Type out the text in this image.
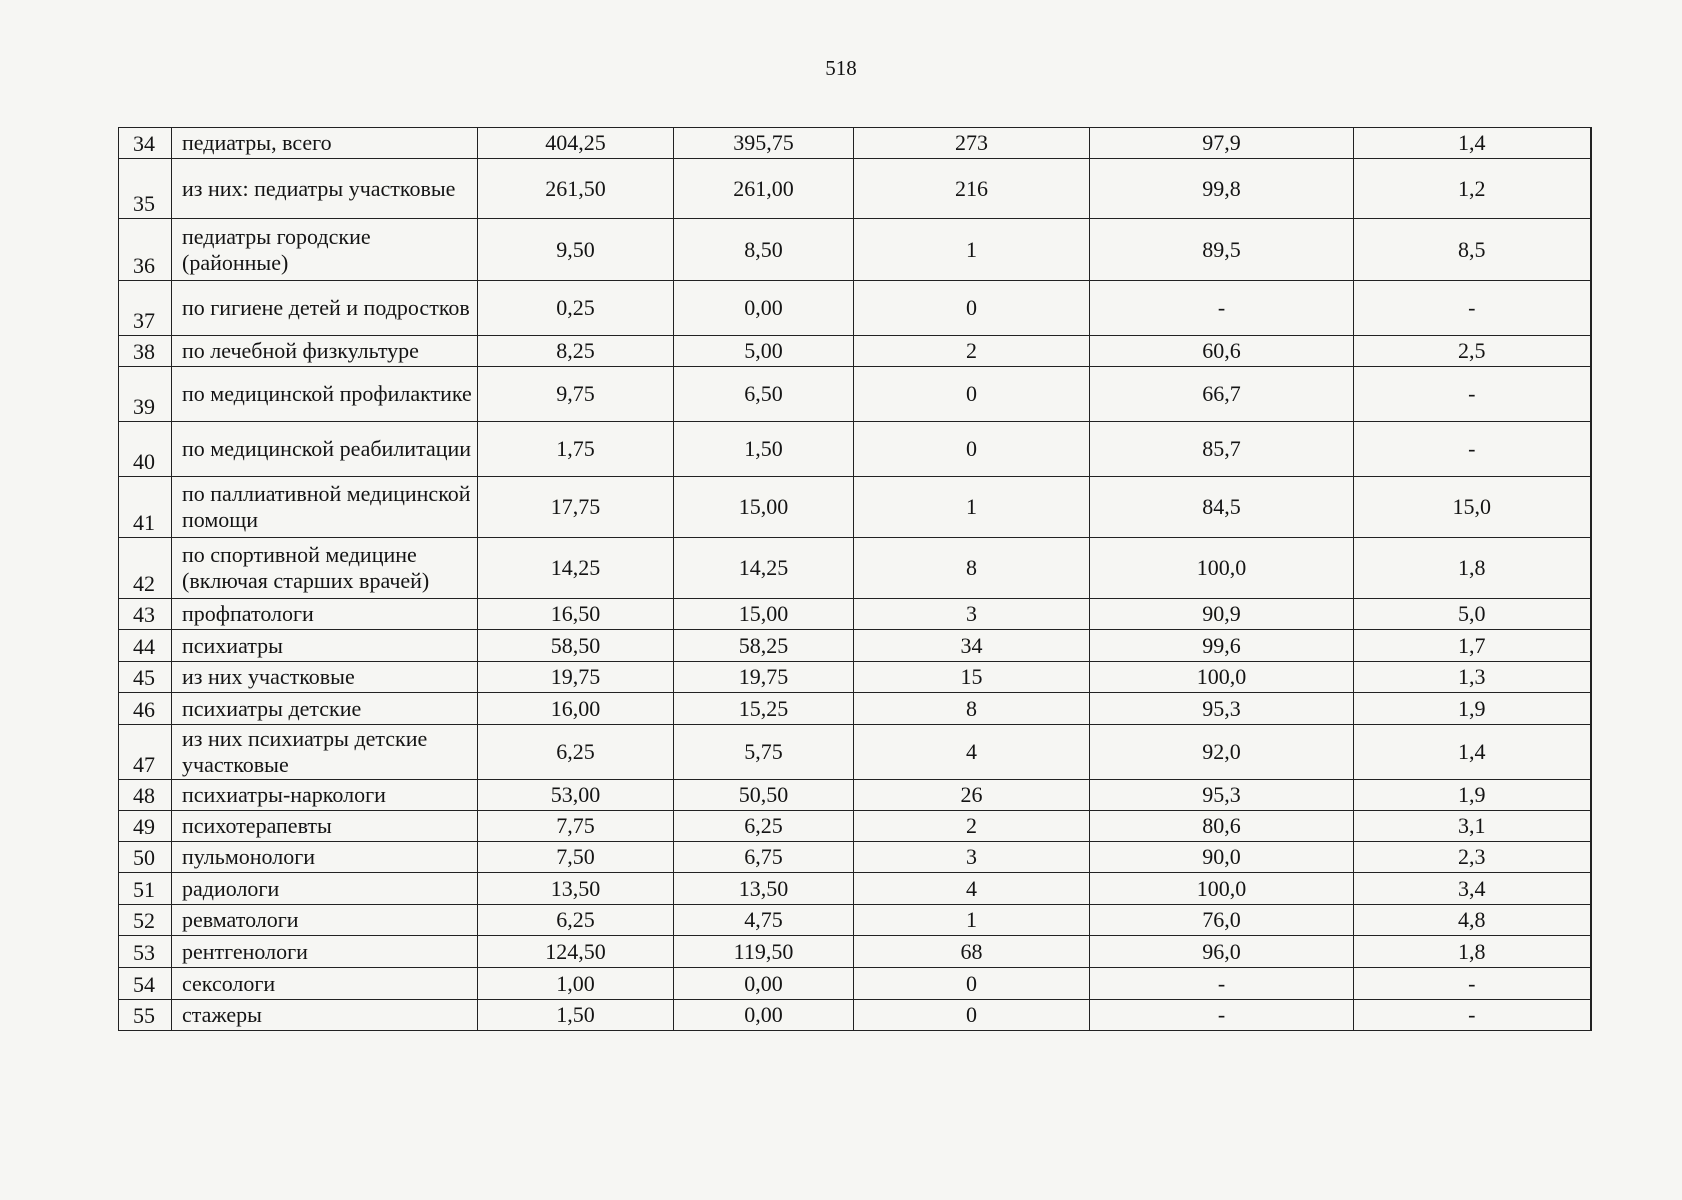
518
34	педиатры, всего	404,25	395,75	273	97,9	1,4
35	из них: педиатры участковые	261,50	261,00	216	99,8	1,2
36	педиатры городские (районные)	9,50	8,50	1	89,5	8,5
37	по гигиене детей и подростков	0,25	0,00	0	-	-
38	по лечебной физкультуре	8,25	5,00	2	60,6	2,5
39	по медицинской профилактике	9,75	6,50	0	66,7	-
40	по медицинской реабилитации	1,75	1,50	0	85,7	-
41	по паллиативной медицинской помощи	17,75	15,00	1	84,5	15,0
42	по спортивной медицине (включая старших врачей)	14,25	14,25	8	100,0	1,8
43	профпатологи	16,50	15,00	3	90,9	5,0
44	психиатры	58,50	58,25	34	99,6	1,7
45	из них участковые	19,75	19,75	15	100,0	1,3
46	психиатры детские	16,00	15,25	8	95,3	1,9
47	из них психиатры детские участковые	6,25	5,75	4	92,0	1,4
48	психиатры-наркологи	53,00	50,50	26	95,3	1,9
49	психотерапевты	7,75	6,25	2	80,6	3,1
50	пульмонологи	7,50	6,75	3	90,0	2,3
51	радиологи	13,50	13,50	4	100,0	3,4
52	ревматологи	6,25	4,75	1	76,0	4,8
53	рентгенологи	124,50	119,50	68	96,0	1,8
54	сексологи	1,00	0,00	0	-	-
55	стажеры	1,50	0,00	0	-	-
